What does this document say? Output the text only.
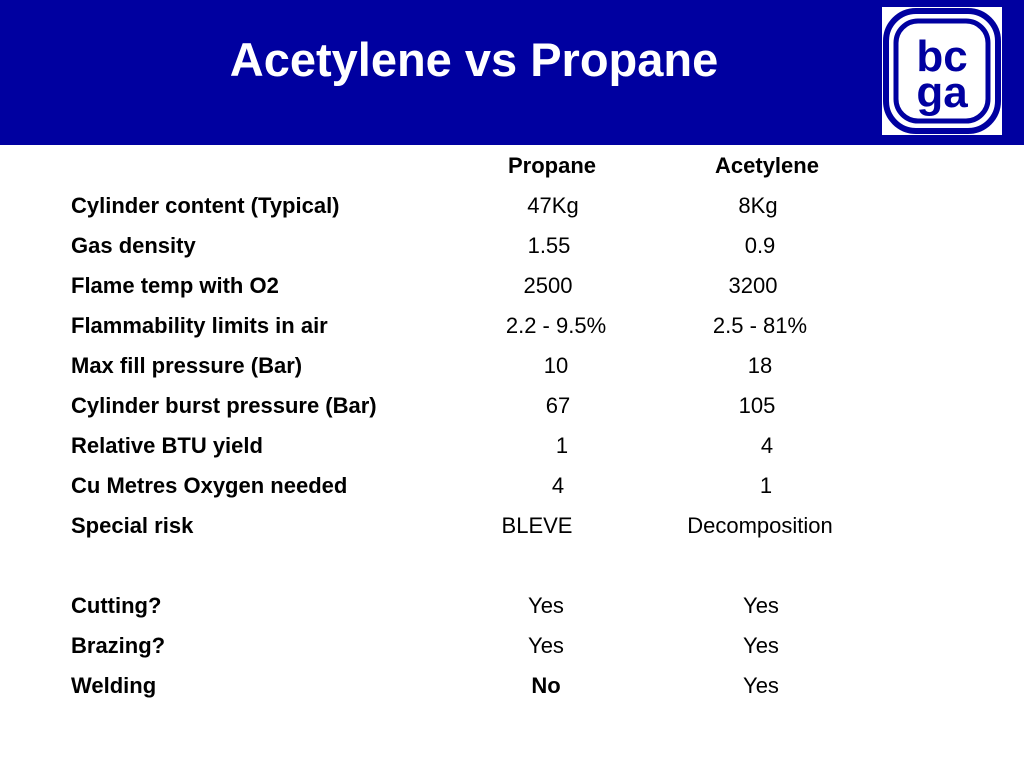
Acetylene vs Propane	bc
ga
Propane	Acetylene
Cylinder content (Typical)	47Kg	8Kg
Gas density	1.55	0.9
Flame temp with O2	2500	3200
Flammability limits in air	2.2 - 9.5%	2.5 - 81%
Max fill pressure (Bar)	10	18
Cylinder burst pressure (Bar)	67	105
Relative BTU yield	1	4
Cu Metres Oxygen needed	4	1
Special risk	BLEVE	Decomposition
Cutting?	Yes	Yes
Brazing?	Yes	Yes
Welding	No	Yes
